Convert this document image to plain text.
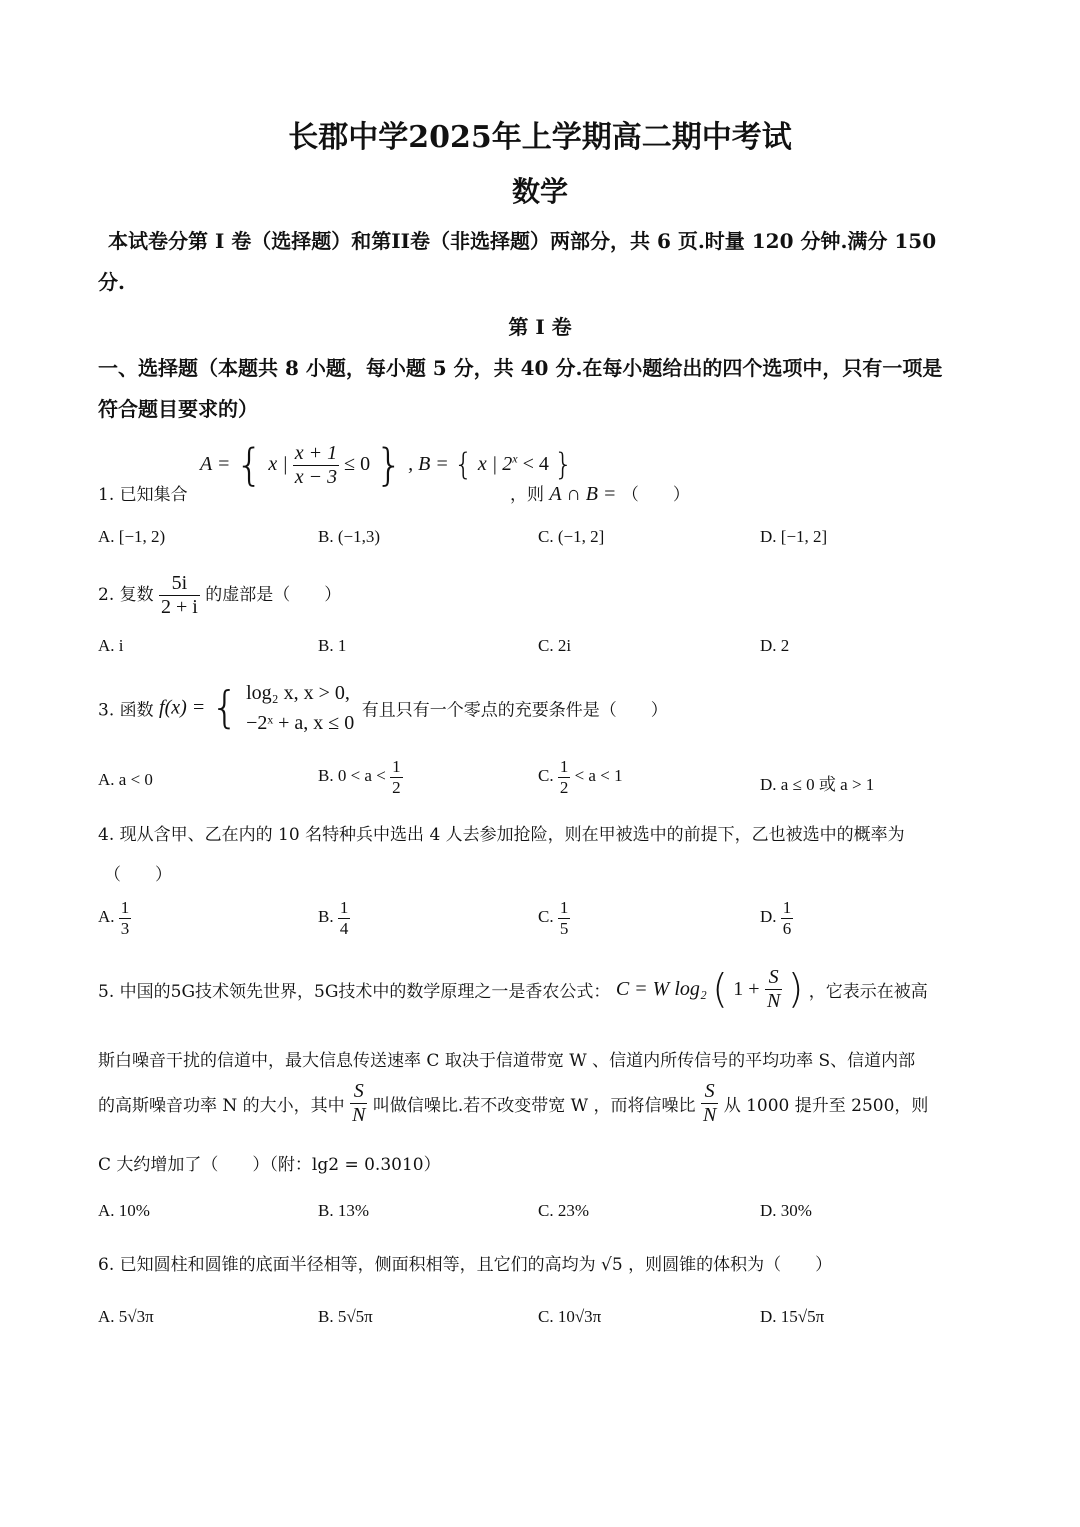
长郡中学2025年上学期高二期中考试
数学
本试卷分第 I 卷（选择题）和第II卷（非选择题）两部分，共 6 页.时量 120 分钟.满分 150
分.
第 I 卷
一、选择题（本题共 8 小题，每小题 5 分，共 40 分.在每小题给出的四个选项中，只有一项是
符合题目要求的）
1. 已知集合
A = { x | $\frac{x + 1}{x - 3} \le 0$ } , B = { x | $2^x < 4$ }
，则 A ∩ B = （　　）
A. [−1, 2)	B. (−1,3)	C. (−1, 2]	D. [−1, 2]
2. 复数 $\frac{5i}{2 + i}$ 的虚部是（　　）
A. i	B. 1	C. 2i	D. 2
3. 函数 f(x) = { log₂ x, x > 0,
−2ˣ + a, x ≤ 0
有且只有一个零点的充要条件是（　　）
A. a < 0	B. $0 < a < \frac{1}{2}$	C. $\frac{1}{2} < a < 1$	D. a ≤ 0 或 a > 1
4. 现从含甲、乙在内的 10 名特种兵中选出 4 人去参加抢险，则在甲被选中的前提下，乙也被选中的概率为
（　　）
A. $\frac{1}{3}$	B. $\frac{1}{4}$	C. $\frac{1}{5}$	D. $\frac{1}{6}$
5. 中国的5G技术领先世界，5G技术中的数学原理之一是香农公式： C = W log₂ ( $1 + \frac{S}{N}$ ) ，它表示在被高
斯白噪音干扰的信道中，最大信息传送速率 C 取决于信道带宽 W 、信道内所传信号的平均功率 S、信道内部
的高斯噪音功率 N 的大小，其中 $\frac{S}{N}$ 叫做信噪比.若不改变带宽 W ，而将信噪比 $\frac{S}{N}$ 从 1000 提升至 2500，则
C 大约增加了（　　）（附：lg2 = 0.3010）
A. 10%	B. 13%	C. 23%	D. 30%
6. 已知圆柱和圆锥的底面半径相等，侧面积相等，且它们的高均为 √5 ，则圆锥的体积为（　　）
A. 5√3π	B. 5√5π	C. 10√3π	D. 15√5π
